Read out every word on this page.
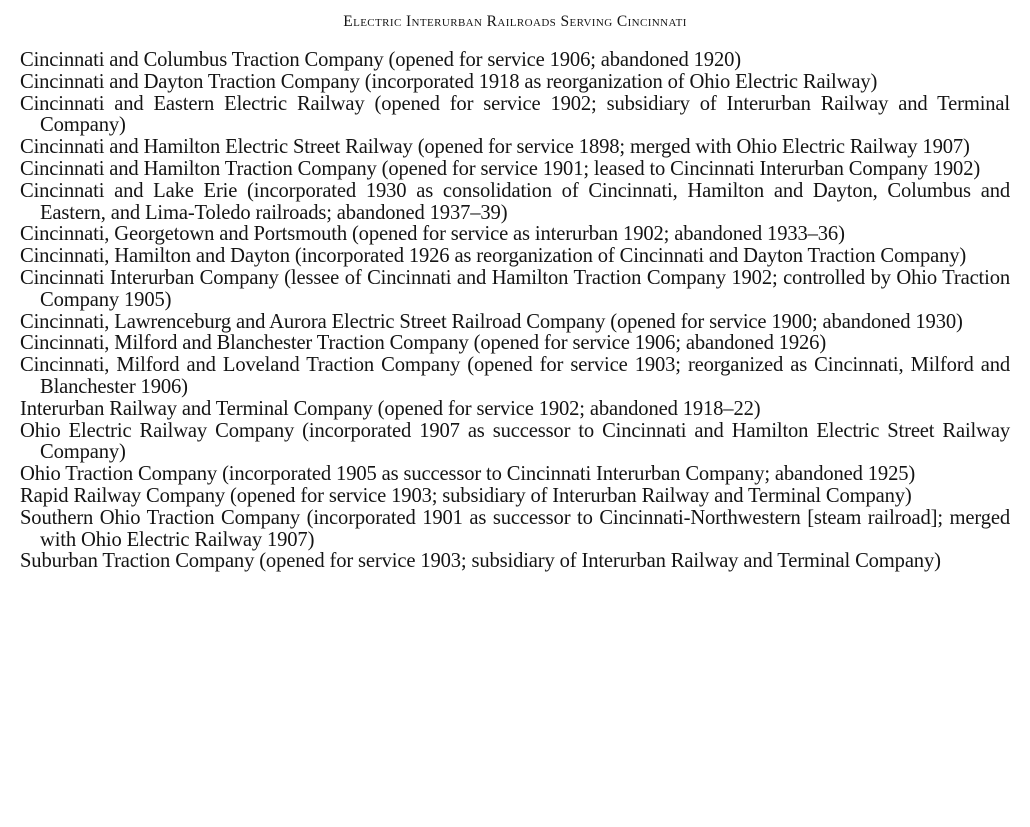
Electric Interurban Railroads Serving Cincinnati
Cincinnati and Columbus Traction Company (opened for service 1906; abandoned 1920)
Cincinnati and Dayton Traction Company (incorporated 1918 as reorganization of Ohio Electric Railway)
Cincinnati and Eastern Electric Railway (opened for service 1902; subsidiary of Interurban Railway and Terminal Company)
Cincinnati and Hamilton Electric Street Railway (opened for service 1898; merged with Ohio Electric Railway 1907)
Cincinnati and Hamilton Traction Company (opened for service 1901; leased to Cincinnati Interurban Company 1902)
Cincinnati and Lake Erie (incorporated 1930 as consolidation of Cincinnati, Hamilton and Dayton, Columbus and Eastern, and Lima-Toledo railroads; abandoned 1937–39)
Cincinnati, Georgetown and Portsmouth (opened for service as interurban 1902; abandoned 1933–36)
Cincinnati, Hamilton and Dayton (incorporated 1926 as reorganization of Cincinnati and Dayton Traction Company)
Cincinnati Interurban Company (lessee of Cincinnati and Hamilton Traction Company 1902; controlled by Ohio Traction Company 1905)
Cincinnati, Lawrenceburg and Aurora Electric Street Railroad Company (opened for service 1900; abandoned 1930)
Cincinnati, Milford and Blanchester Traction Company (opened for service 1906; abandoned 1926)
Cincinnati, Milford and Loveland Traction Company (opened for service 1903; reorganized as Cincinnati, Milford and Blanchester 1906)
Interurban Railway and Terminal Company (opened for service 1902; abandoned 1918–22)
Ohio Electric Railway Company (incorporated 1907 as successor to Cincinnati and Hamilton Electric Street Railway Company)
Ohio Traction Company (incorporated 1905 as successor to Cincinnati Interurban Company; abandoned 1925)
Rapid Railway Company (opened for service 1903; subsidiary of Interurban Railway and Terminal Company)
Southern Ohio Traction Company (incorporated 1901 as successor to Cincinnati-Northwestern [steam railroad]; merged with Ohio Electric Railway 1907)
Suburban Traction Company (opened for service 1903; subsidiary of Interurban Railway and Terminal Company)
